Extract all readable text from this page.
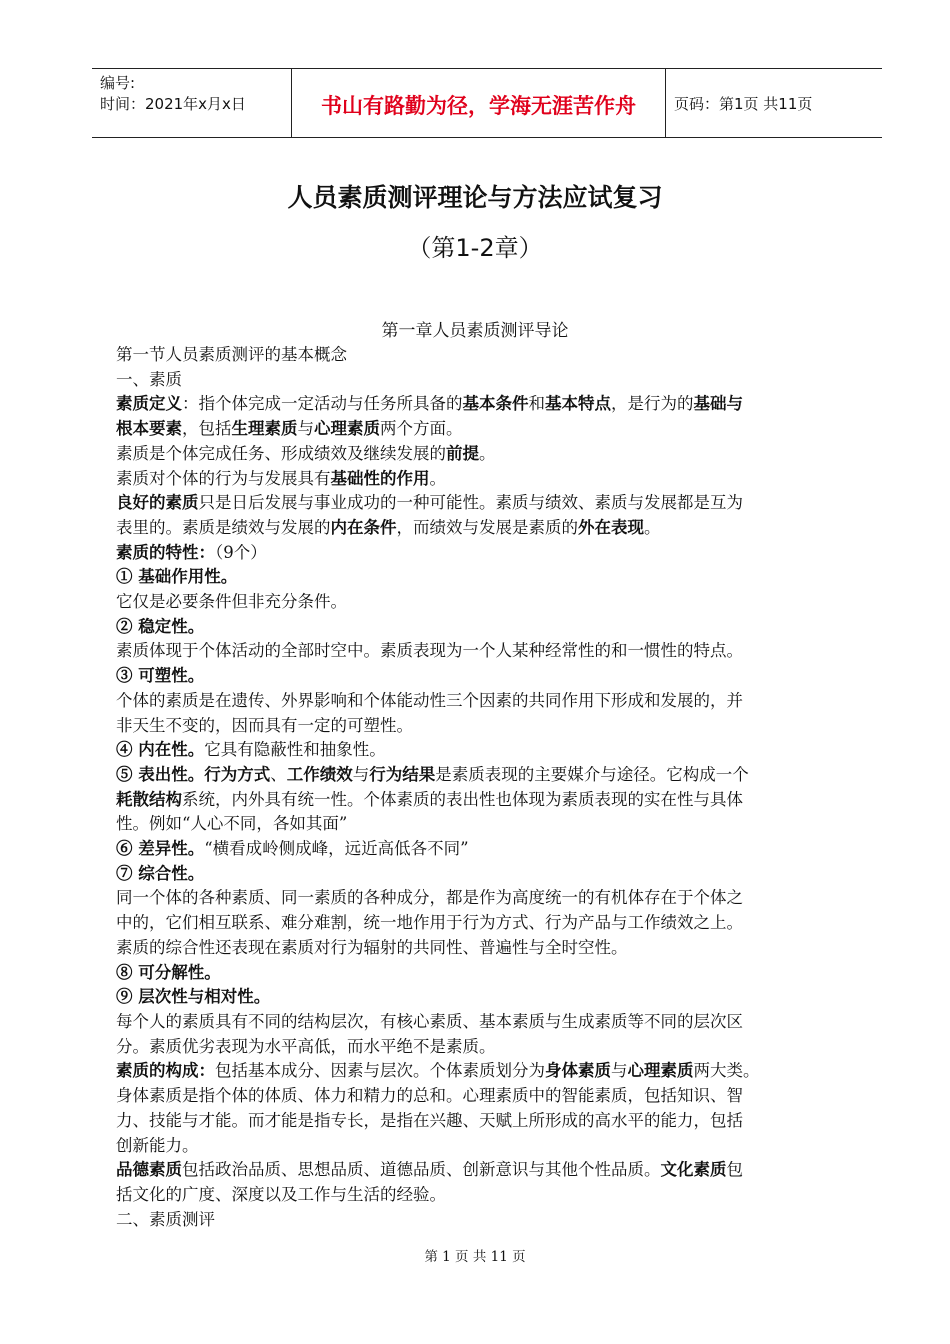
编号:
时间：2021年x月x日	书山有路勤为径，学海无涯苦作舟	页码：第1页 共11页
人员素质测评理论与方法应试复习
（第1-2章）
第一章人员素质测评导论

第一节人员素质测评的基本概念

一、素质

素质定义：指个体完成一定活动与任务所具备的基本条件和基本特点，是行为的基础与

根本要素，包括生理素质与心理素质两个方面。

素质是个体完成任务、形成绩效及继续发展的前提。

素质对个体的行为与发展具有基础性的作用。

良好的素质只是日后发展与事业成功的一种可能性。素质与绩效、素质与发展都是互为

表里的。素质是绩效与发展的内在条件，而绩效与发展是素质的外在表现。

素质的特性：（9个）

① 基础作用性。

它仅是必要条件但非充分条件。

② 稳定性。

素质体现于个体活动的全部时空中。素质表现为一个人某种经常性的和一惯性的特点。

③ 可塑性。

个体的素质是在遗传、外界影响和个体能动性三个因素的共同作用下形成和发展的，并

非天生不变的，因而具有一定的可塑性。

④ 内在性。它具有隐蔽性和抽象性。

⑤ 表出性。行为方式、工作绩效与行为结果是素质表现的主要媒介与途径。它构成一个

耗散结构系统，内外具有统一性。个体素质的表出性也体现为素质表现的实在性与具体

性。例如“人心不同，各如其面”

⑥ 差异性。“横看成岭侧成峰，远近高低各不同”

⑦ 综合性。

同一个体的各种素质、同一素质的各种成分，都是作为高度统一的有机体存在于个体之

中的，它们相互联系、难分难割，统一地作用于行为方式、行为产品与工作绩效之上。

素质的综合性还表现在素质对行为辐射的共同性、普遍性与全时空性。

⑧ 可分解性。

⑨ 层次性与相对性。

每个人的素质具有不同的结构层次，有核心素质、基本素质与生成素质等不同的层次区

分。素质优劣表现为水平高低，而水平绝不是素质。

素质的构成：包括基本成分、因素与层次。个体素质划分为身体素质与心理素质两大类。

身体素质是指个体的体质、体力和精力的总和。心理素质中的智能素质，包括知识、智

力、技能与才能。而才能是指专长，是指在兴趣、天赋上所形成的高水平的能力，包括

创新能力。

品德素质包括政治品质、思想品质、道德品质、创新意识与其他个性品质。文化素质包

括文化的广度、深度以及工作与生活的经验。

二、素质测评

第 1 页 共 11 页
